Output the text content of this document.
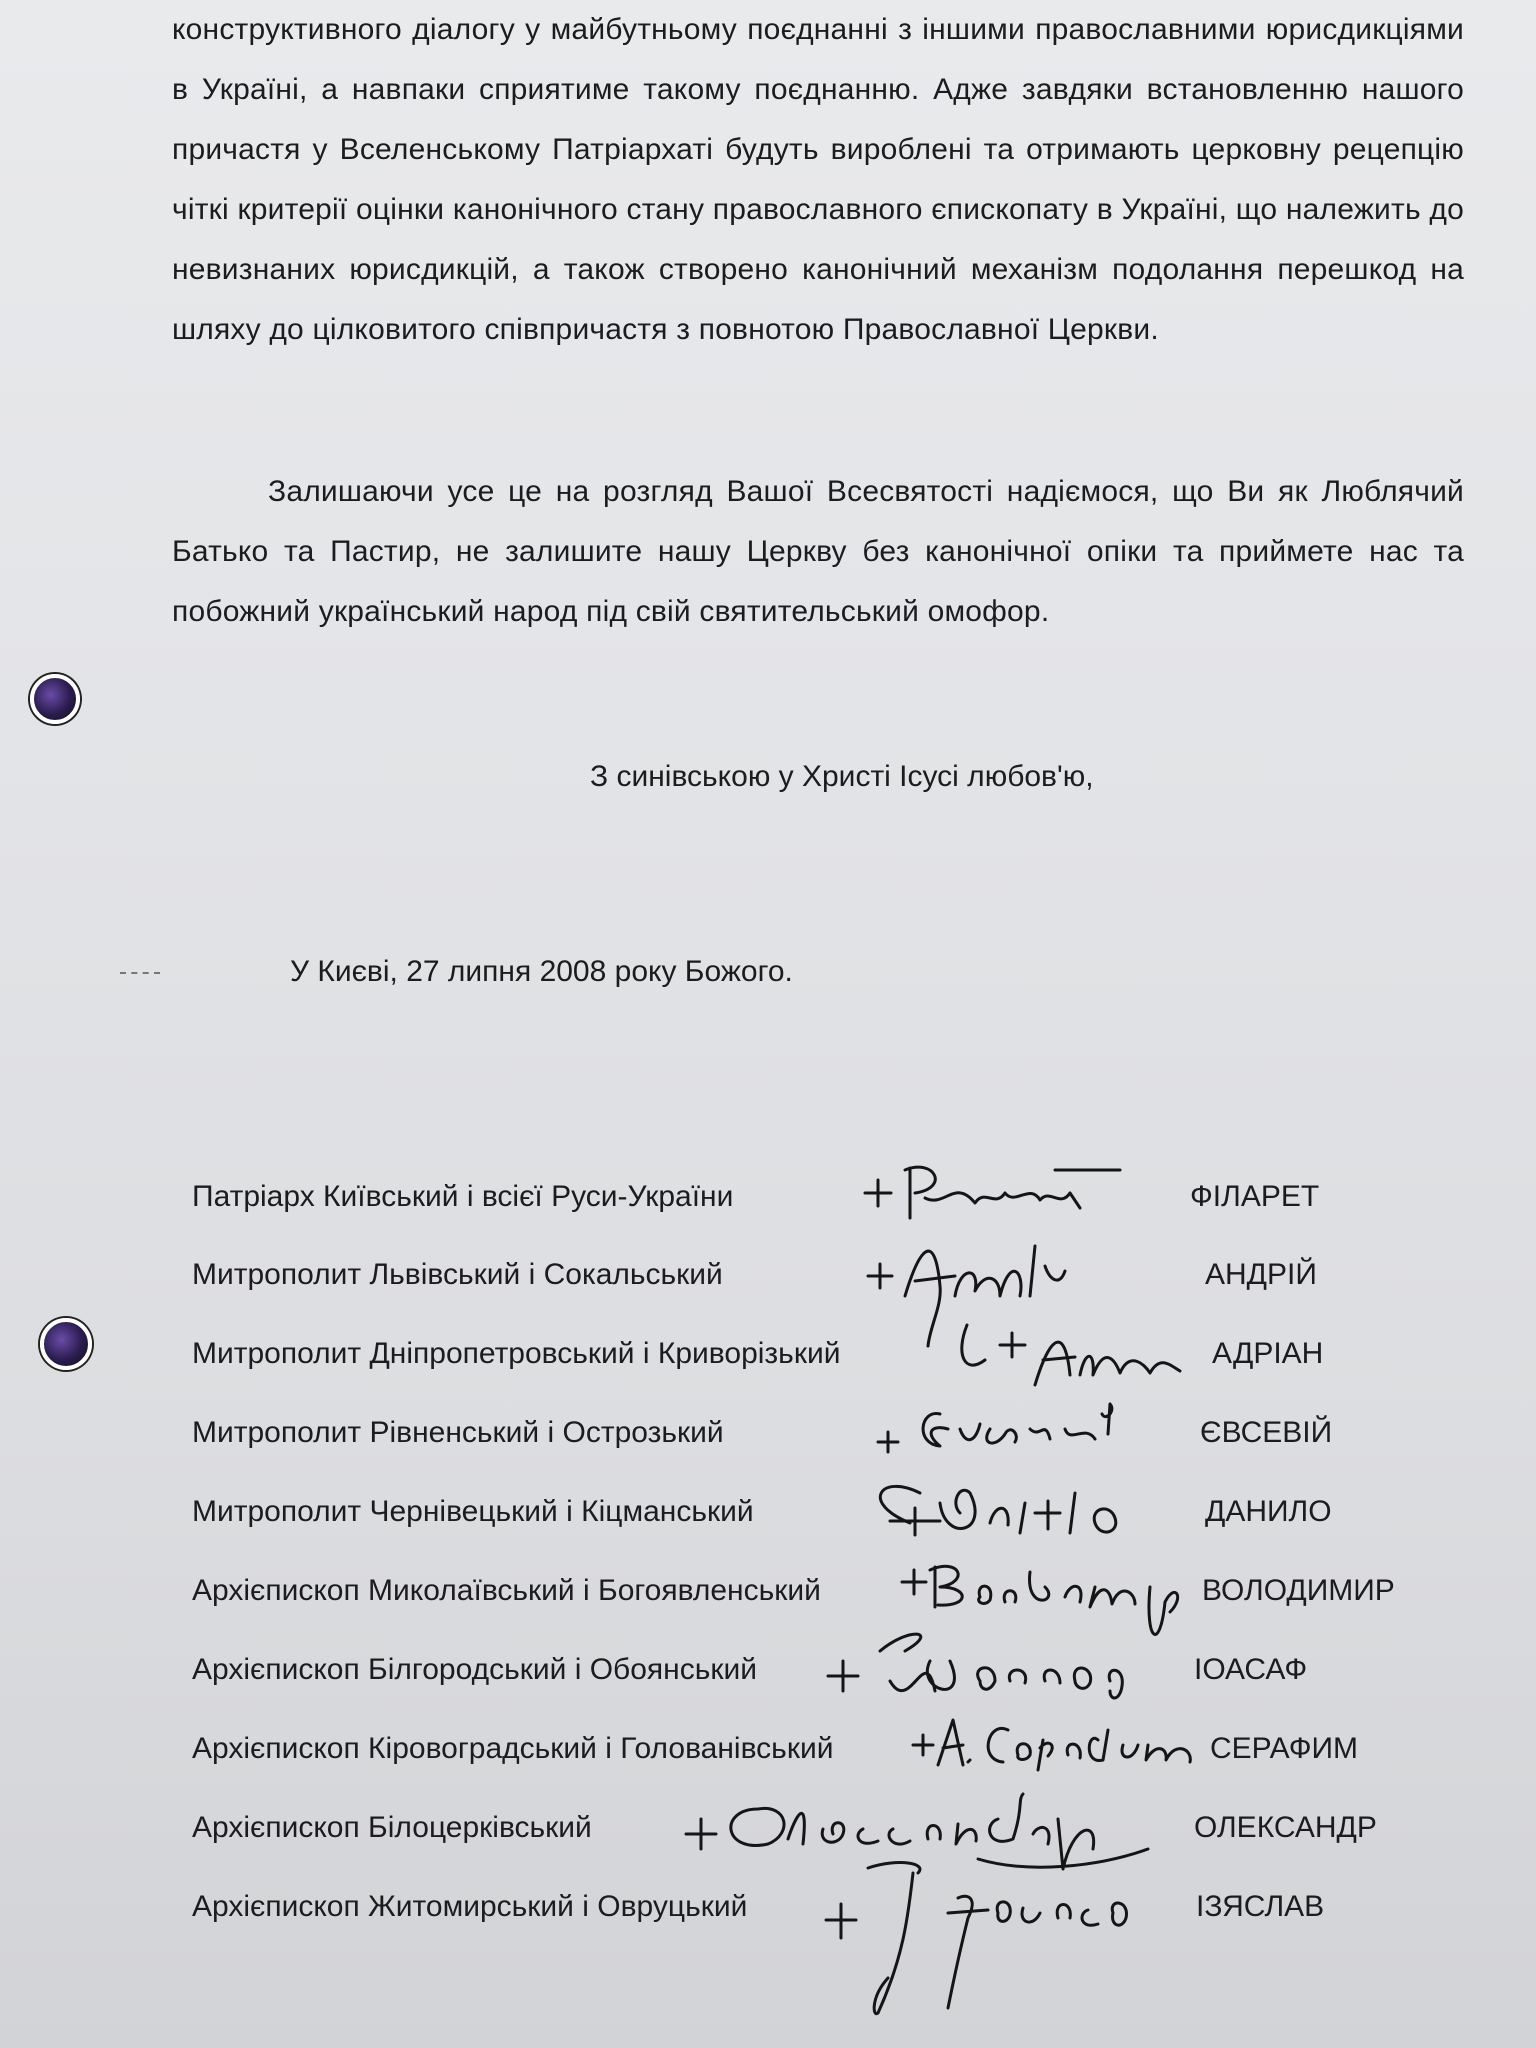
конструктивного діалогу у майбутньому поєднанні з іншими православними юрисдикціями в Україні, а навпаки сприятиме такому поєднанню. Адже завдяки встановленню нашого причастя у Вселенському Патріархаті будуть вироблені та отримають церковну рецепцію чіткі критерії оцінки канонічного стану православного єпископату в Україні, що належить до невизнаних юрисдикцій, а також створено канонічний механізм подолання перешкод на шляху до цілковитого співпричастя з повнотою Православної Церкви.

Залишаючи усе це на розгляд Вашої Всесвятості надіємося, що Ви як Люблячий Батько та Пастир, не залишите нашу Церкву без канонічної опіки та приймете нас та побожний український народ під свій святительський омофор.

З синівською у Христі Ісусі любов'ю,
У Києві, 27 липня 2008 року Божого.
Патріарх Київський і всієї Руси-України	ФІЛАРЕТ
Митрополит Львівський і Сокальський	АНДРІЙ
Митрополит Дніпропетровський і Криворізький	АДРІАН
Митрополит Рівненський і Острозький	ЄВСЕВІЙ
Митрополит Чернівецький і Кіцманський	ДАНИЛО
Архієпископ Миколаївський і Богоявленський	ВОЛОДИМИР
Архієпископ Білгородський і Обоянський	ІОАСАФ
Архієпископ Кіровоградський і Голованівський	СЕРАФИМ
Архієпископ Білоцерківський	ОЛЕКСАНДР
Архієпископ Житомирський і Овруцький	ІЗЯСЛАВ
